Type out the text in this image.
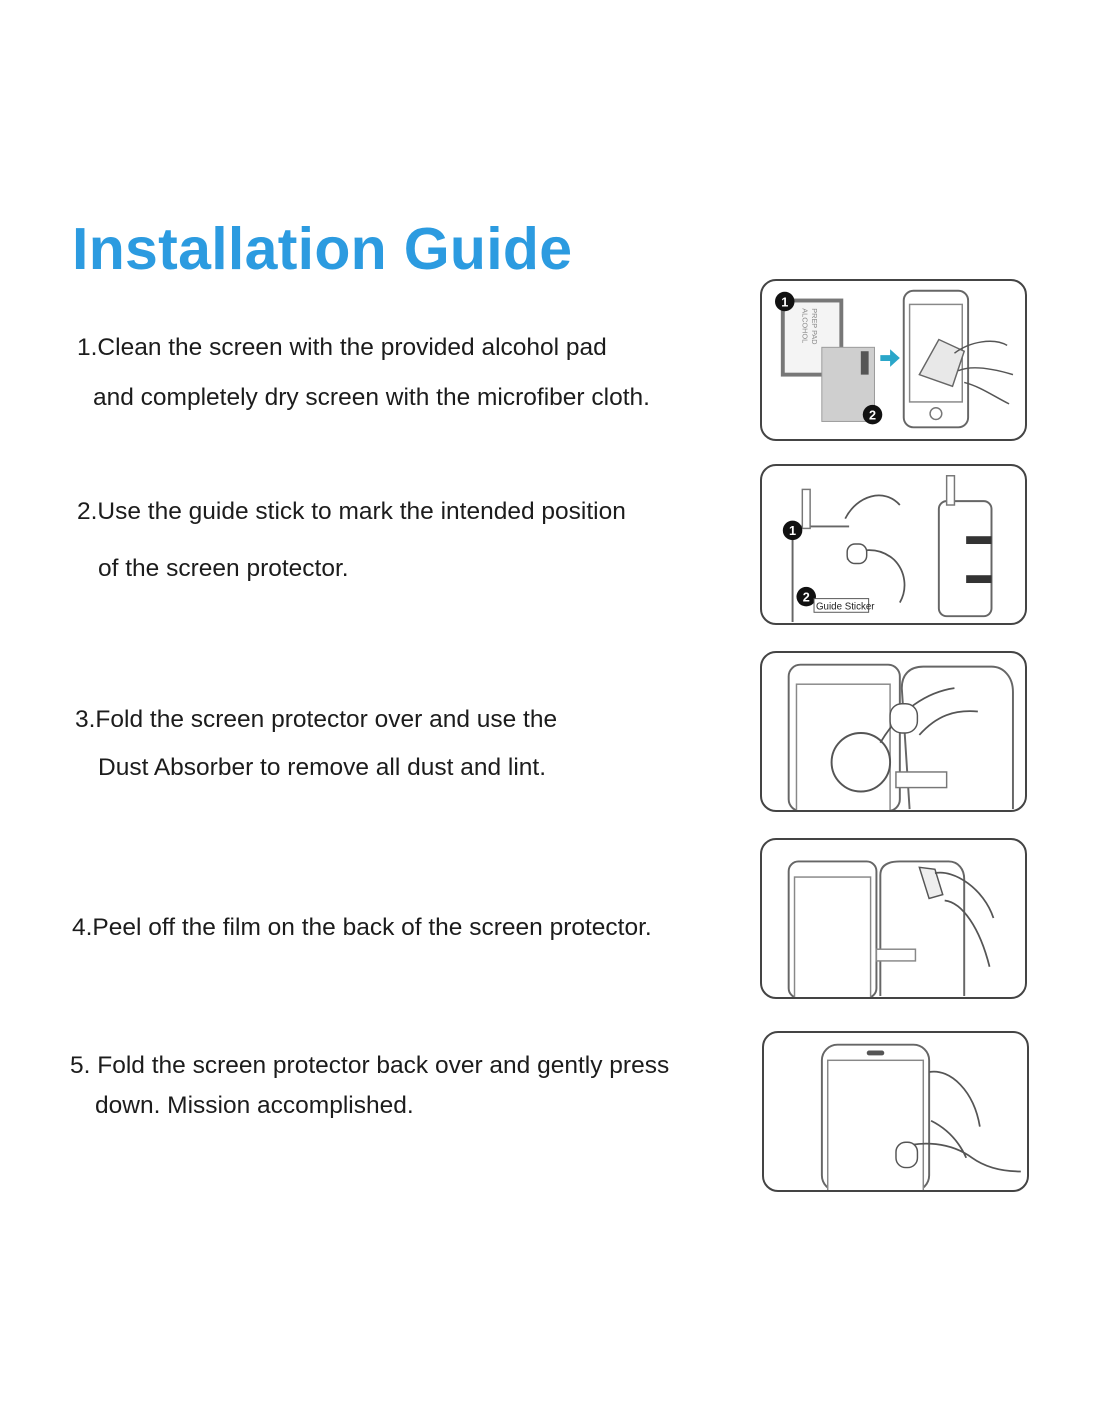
Installation Guide
1.Clean the screen with the provided alcohol pad
and completely dry screen with the microfiber cloth.
2.Use the guide stick to mark the intended position
of the screen protector.
3.Fold the screen protector over and use the
Dust Absorber to remove all dust and lint.
4.Peel off the film on the back of the screen protector.
5. Fold the screen protector back over and gently press
down. Mission accomplished.
ALCOHOL PREP PAD
1
2
1
2
Guide Sticker
